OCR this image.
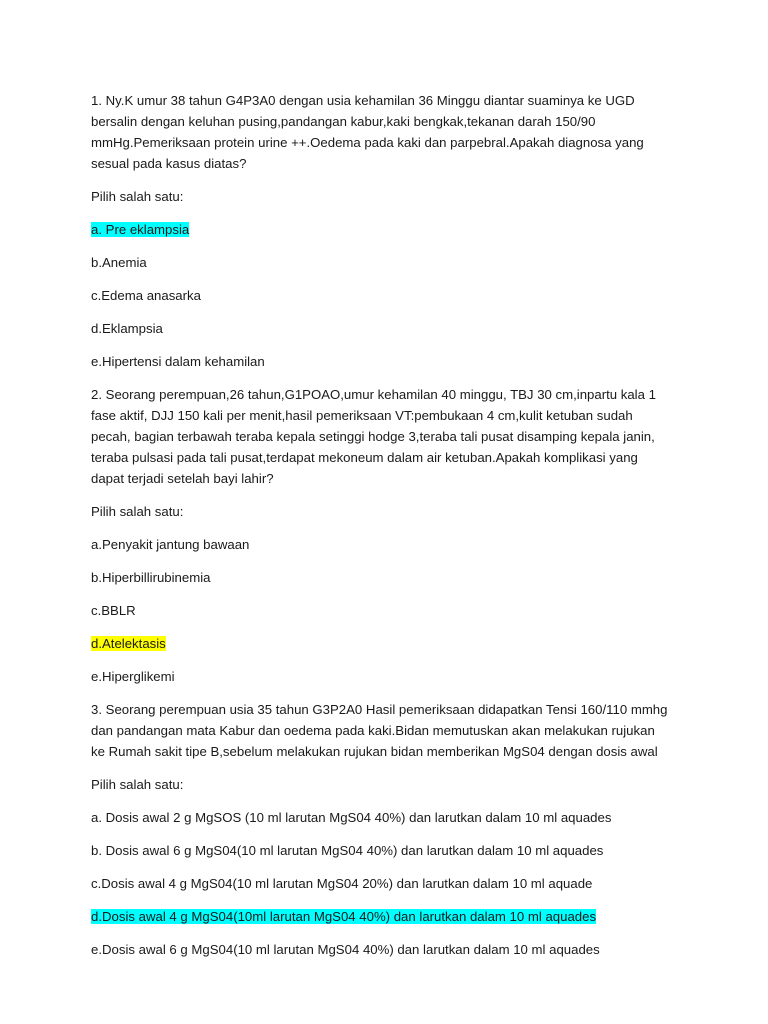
1. Ny.K umur 38 tahun G4P3A0 dengan usia kehamilan 36 Minggu diantar suaminya ke UGD bersalin dengan keluhan pusing,pandangan kabur,kaki bengkak,tekanan darah 150/90 mmHg.Pemeriksaan protein urine ++.Oedema pada kaki dan parpebral.Apakah diagnosa yang sesual pada kasus diatas?

Pilih salah satu:

a. Pre eklampsia

b.Anemia

c.Edema anasarka

d.Eklampsia

e.Hipertensi dalam kehamilan

2. Seorang perempuan,26 tahun,G1POAO,umur kehamilan 40 minggu, TBJ 30 cm,inpartu kala 1 fase aktif, DJJ 150 kali per menit,hasil pemeriksaan VT:pembukaan 4 cm,kulit ketuban sudah pecah, bagian terbawah teraba kepala setinggi hodge 3,teraba tali pusat disamping kepala janin, teraba pulsasi pada tali pusat,terdapat mekoneum dalam air ketuban.Apakah komplikasi yang dapat terjadi setelah bayi lahir?

Pilih salah satu:

a.Penyakit jantung bawaan

b.Hiperbillirubinemia

c.BBLR

d.Atelektasis

e.Hiperglikemi

3. Seorang perempuan usia 35 tahun G3P2A0 Hasil pemeriksaan didapatkan Tensi 160/110 mmhg dan pandangan mata Kabur dan oedema pada kaki.Bidan memutuskan akan melakukan rujukan ke Rumah sakit tipe B,sebelum melakukan rujukan bidan memberikan MgS04 dengan dosis awal

Pilih salah satu:

a. Dosis awal 2 g MgSOS (10 ml larutan MgS04 40%) dan larutkan dalam 10 ml aquades

b. Dosis awal 6 g MgS04(10 ml larutan MgS04 40%) dan larutkan dalam 10 ml aquades

c.Dosis awal 4 g MgS04(10 ml larutan MgS04 20%) dan larutkan dalam 10 ml aquade

d.Dosis awal 4 g MgS04(10ml larutan MgS04 40%) dan larutkan dalam 10 ml aquades

e.Dosis awal 6 g MgS04(10 ml larutan MgS04 40%) dan larutkan dalam 10 ml aquades
